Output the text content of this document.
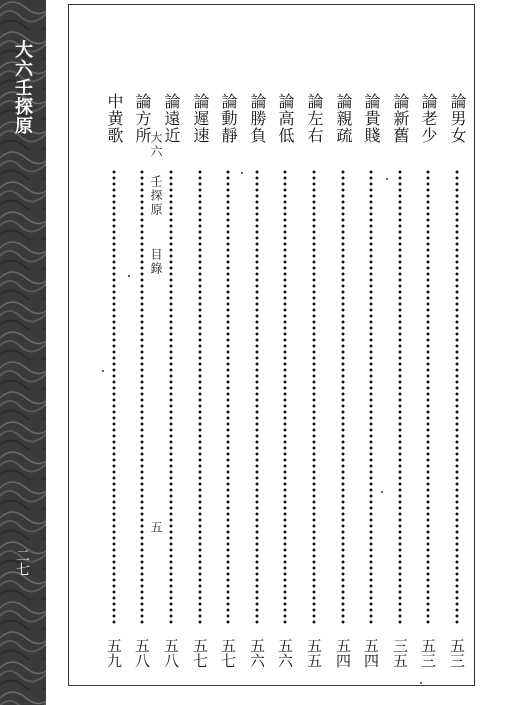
大六壬探原
二七
大六 壬探原
目錄
五
論男女
五三
論老少
五三
論新舊
三五
論貴賤
五四
論親疏
五四
論左右
五五
論高低
五六
論勝負
五六
論動靜
五七
論遲速
五七
論遠近
五八
論方所
五八
中黄歌
五九
